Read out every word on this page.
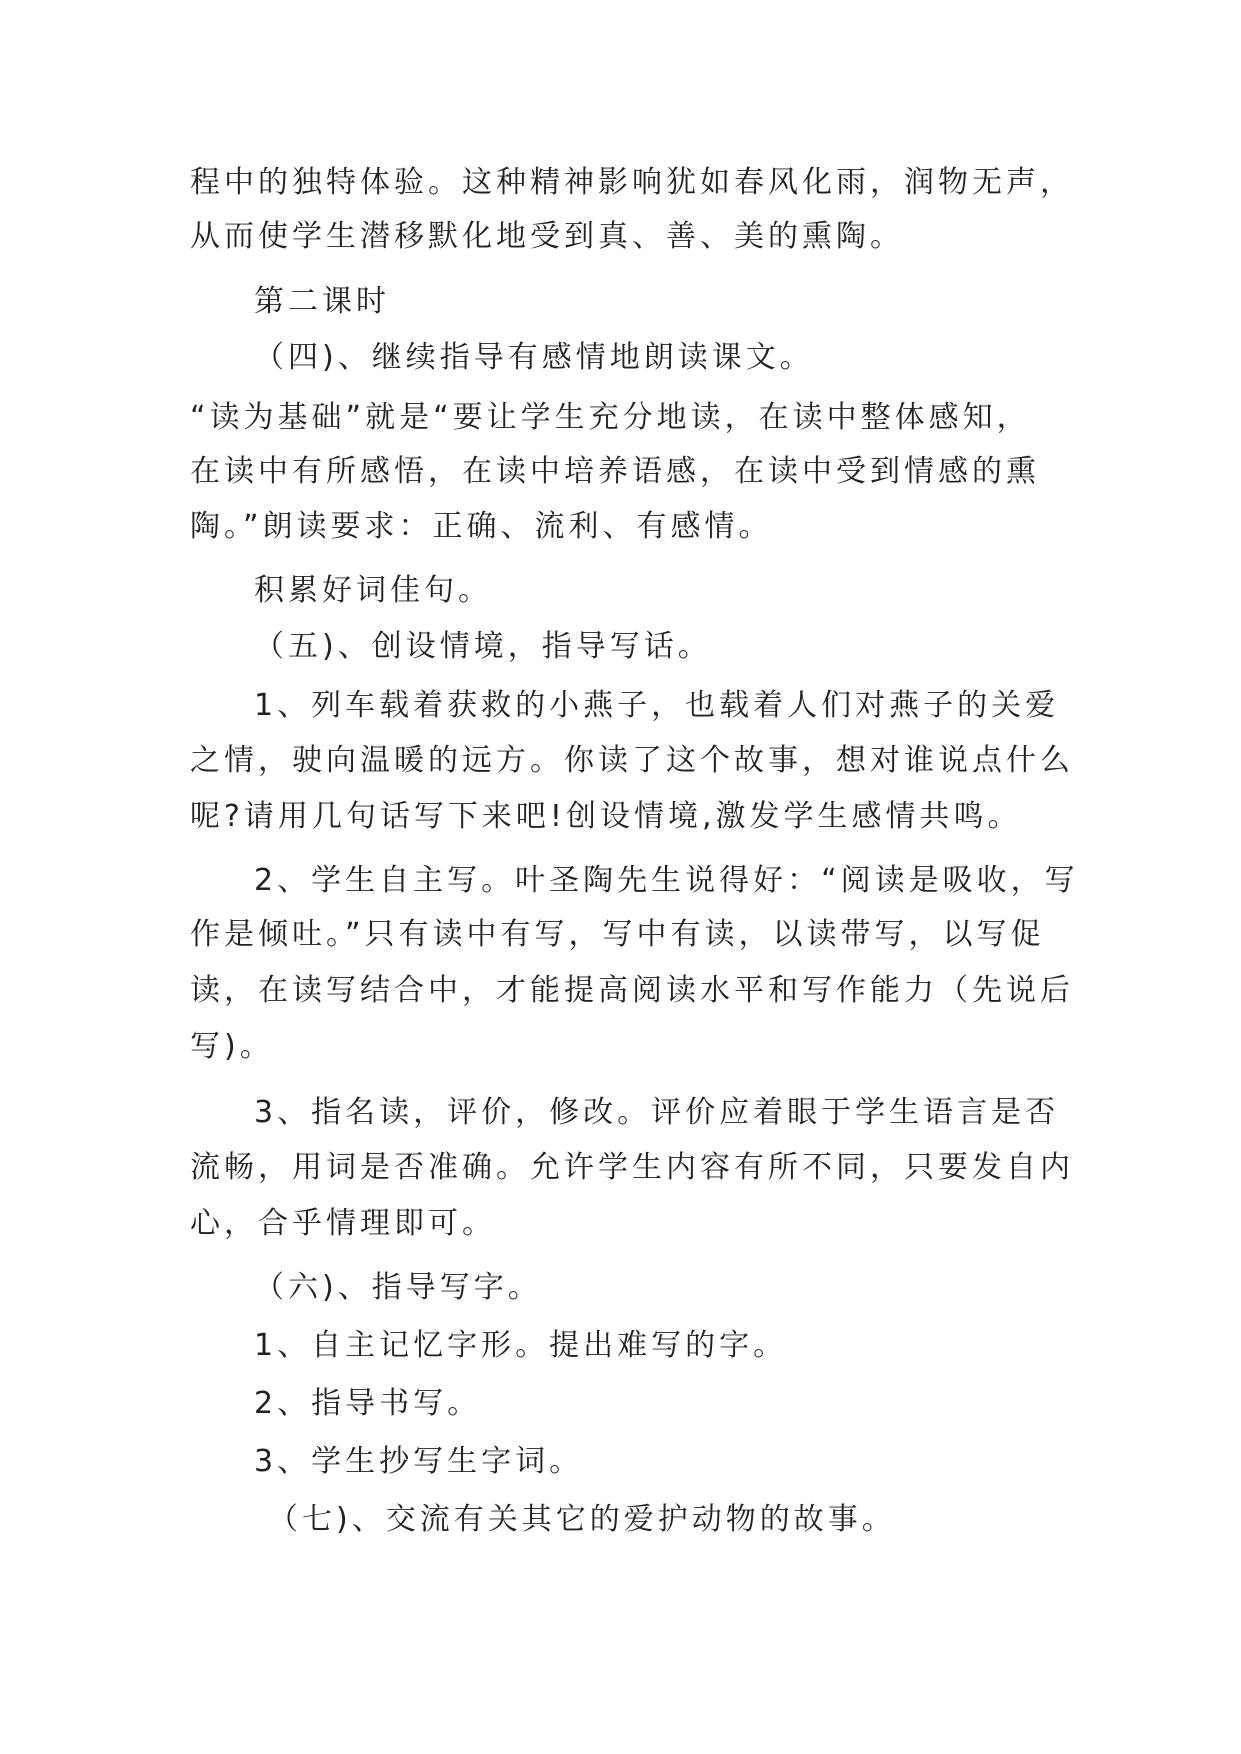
程中的独特体验。这种精神影响犹如春风化雨，润物无声，
从而使学生潜移默化地受到真、善、美的熏陶。
第二课时
（四)、继续指导有感情地朗读课文。
“读为基础”就是“要让学生充分地读，在读中整体感知，
在读中有所感悟，在读中培养语感，在读中受到情感的熏
陶。”朗读要求：正确、流利、有感情。
积累好词佳句。
（五)、创设情境，指导写话。
1、列车载着获救的小燕子，也载着人们对燕子的关爱
之情，驶向温暖的远方。你读了这个故事，想对谁说点什么
呢?请用几句话写下来吧!创设情境,激发学生感情共鸣。
2、学生自主写。叶圣陶先生说得好：“阅读是吸收，写
作是倾吐。”只有读中有写，写中有读，以读带写，以写促
读，在读写结合中，才能提高阅读水平和写作能力（先说后
写)。
3、指名读，评价，修改。评价应着眼于学生语言是否
流畅，用词是否准确。允许学生内容有所不同，只要发自内
心，合乎情理即可。
（六)、指导写字。
1、自主记忆字形。提出难写的字。
2、指导书写。
3、学生抄写生字词。
（七)、交流有关其它的爱护动物的故事。
